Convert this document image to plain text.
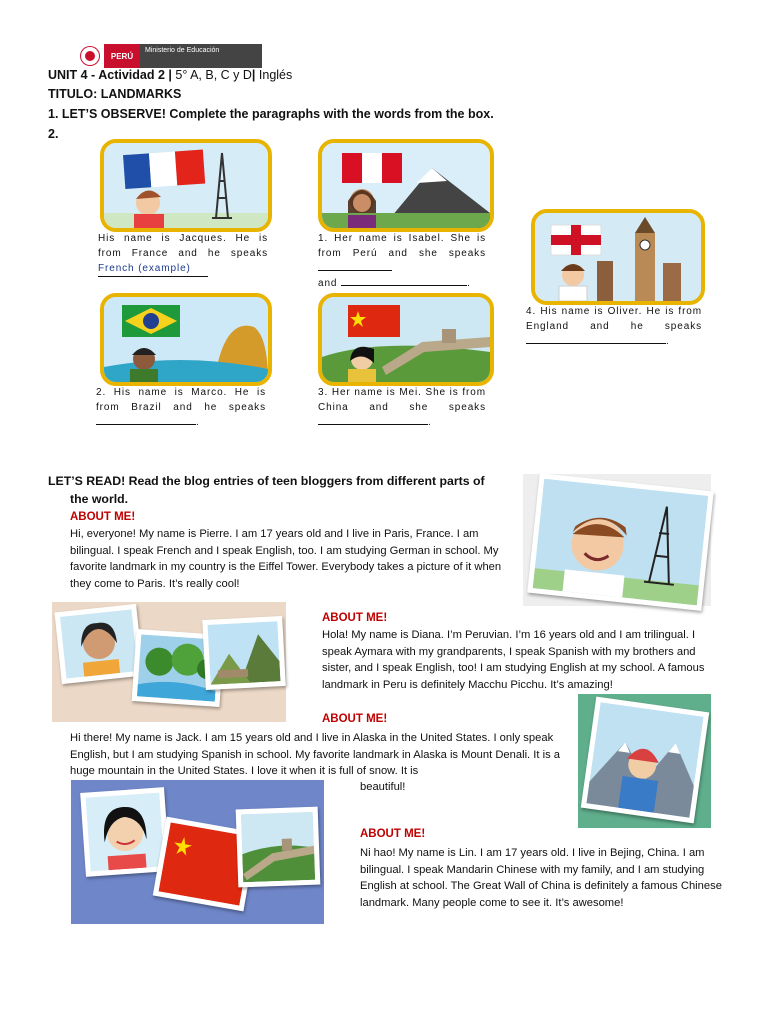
PERÚ
Ministerio de Educación
UNIT 4 - Actividad 2 | 5° A, B, C y D| Inglés
TITULO: LANDMARKS
1. LET’S OBSERVE! Complete the paragraphs with the words from the box.
2.
His name is Jacques. He is from France and he speaks French (example)
1. Her name is Isabel. She is from Perú and she speaks
and	.
2. His name is Marco. He is from Brazil and he speaks .
3. Her name is Mei. She is from China and she speaks .
4. His name is Oliver. He is from England and he speaks .
LET’S READ! Read the blog entries of teen bloggers from different parts of
the world.
ABOUT ME!
Hi, everyone! My name is Pierre. I am 17 years old and I live in Paris, France. I am bilingual. I speak French and I speak English, too. I am studying German in school. My favorite landmark in my country is the Eiffel Tower. Everybody takes a picture of it when they come to Paris. It’s really cool!
ABOUT ME!
Hola! My name is Diana. I’m Peruvian. I’m 16 years old and I am trilingual. I speak Aymara with my grandparents, I speak Spanish with my brothers and sister, and I speak English, too! I am studying English at my school. A famous landmark in Peru is definitely Macchu Picchu. It’s amazing!
ABOUT ME!
Hi there! My name is Jack. I am 15 years old and I live in Alaska in the United States. I only speak English, but I am studying Spanish in school. My favorite landmark in Alaska is Mount Denali. It is a huge mountain in the United States. I love it when it is full of snow. It is
beautiful!
ABOUT ME!
Ni hao! My name is Lin. I am 17 years old. I live in Bejing, China. I am bilingual. I speak Mandarin Chinese with my family, and I am studying English at school. The Great Wall of China is definitely a famous Chinese landmark. Many people come to see it. It’s awesome!
